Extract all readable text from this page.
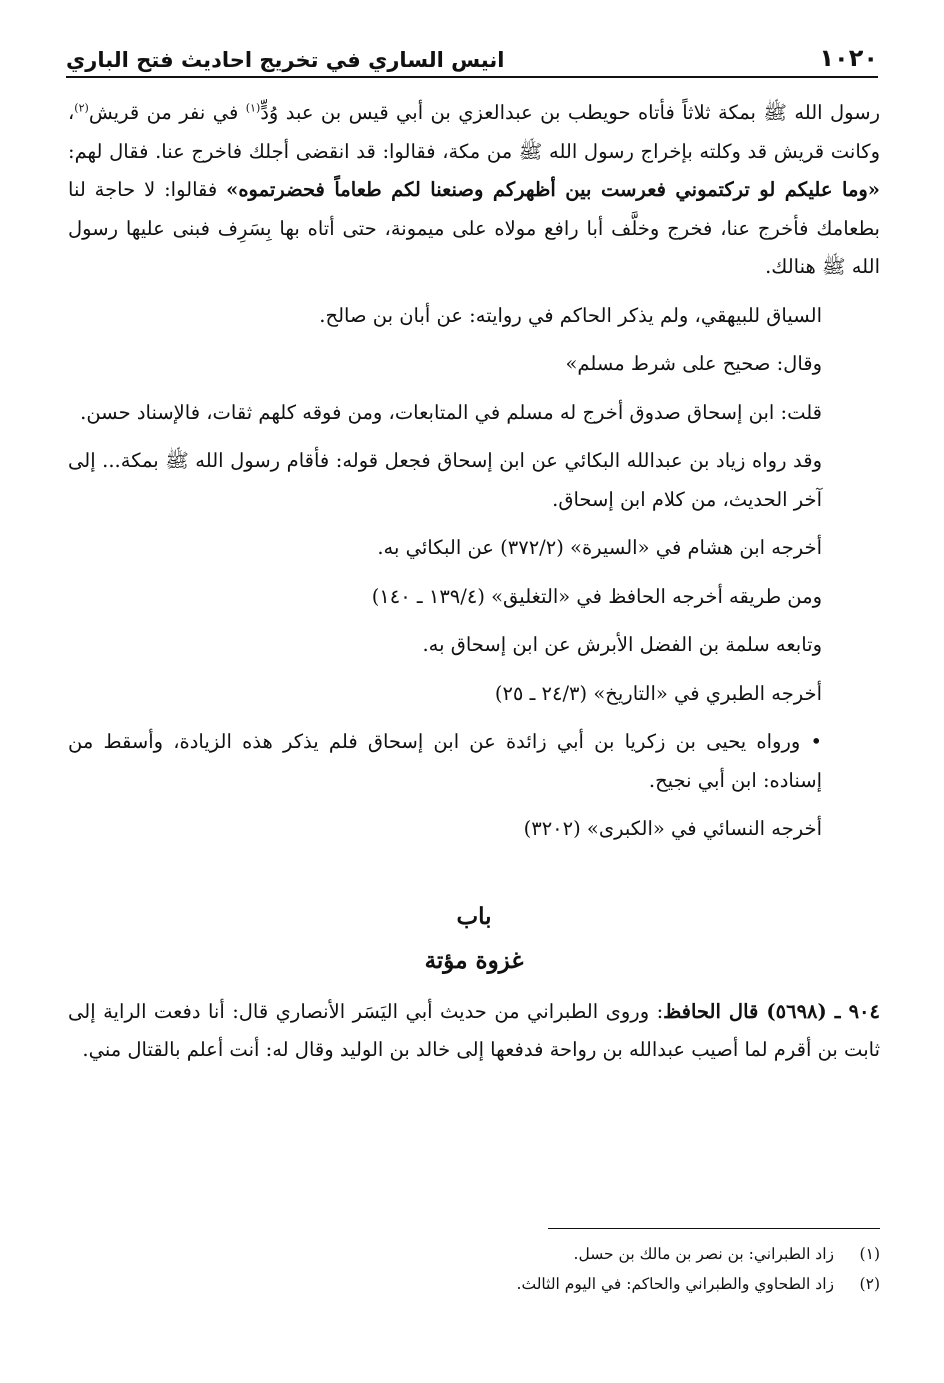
١٠٢٠
انيس الساري في تخريج احاديث فتح الباري

رسول الله ﷺ بمكة ثلاثاً فأتاه حويطب بن عبدالعزي بن أبي قيس بن عبد وُدٍّ$^{(١)}$ في نفر من قريش$^{(٢)}$، وكانت قريش قد وكلته بإخراج رسول الله ﷺ من مكة، فقالوا: قد انقضى أجلك فاخرج عنا. فقال لهم: «وما عليكم لو تركتموني فعرست بين أظهركم وصنعنا لكم طعاماً فحضرتموه» فقالوا: لا حاجة لنا بطعامك فأخرج عنا، فخرج وخلَّف أبا رافع مولاه على ميمونة، حتى أتاه بها بِسَرِف فبنى عليها رسول الله ﷺ هنالك.

السياق للبيهقي، ولم يذكر الحاكم في روايته: عن أبان بن صالح.

وقال: صحيح على شرط مسلم»

قلت: ابن إسحاق صدوق أخرج له مسلم في المتابعات، ومن فوقه كلهم ثقات، فالإسناد حسن.

وقد رواه زياد بن عبدالله البكائي عن ابن إسحاق فجعل قوله: فأقام رسول الله ﷺ بمكة... إلى آخر الحديث، من كلام ابن إسحاق.

أخرجه ابن هشام في «السيرة» (٣٧٢/٢) عن البكائي به.

ومن طريقه أخرجه الحافظ في «التغليق» (١٣٩/٤ ـ ١٤٠)

وتابعه سلمة بن الفضل الأبرش عن ابن إسحاق به.

أخرجه الطبري في «التاريخ» (٢٤/٣ ـ ٢٥)

• ورواه يحيى بن زكريا بن أبي زائدة عن ابن إسحاق فلم يذكر هذه الزيادة، وأسقط من إسناده: ابن أبي نجيح.

أخرجه النسائي في «الكبرى» (٣٢٠٢)

باب
غزوة مؤتة

٩٠٤ ـ (٥٦٩٨) قال الحافظ: وروى الطبراني من حديث أبي اليَسَر الأنصاري قال: أنا دفعت الراية إلى ثابت بن أقرم لما أصيب عبدالله بن رواحة فدفعها إلى خالد بن الوليد وقال له: أنت أعلم بالقتال مني.

(١)
زاد الطبراني: بن نصر بن مالك بن حسل.
(٢)
زاد الطحاوي والطبراني والحاكم: في اليوم الثالث.
